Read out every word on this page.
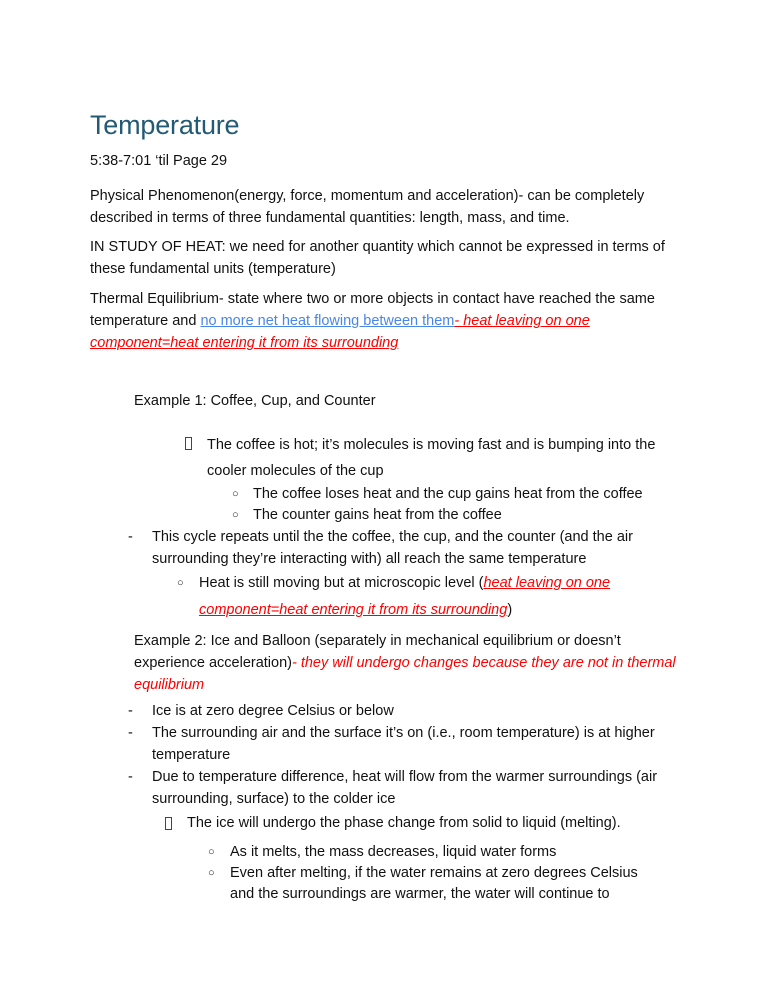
Temperature
5:38-7:01 ‘til Page 29

Physical Phenomenon(energy, force, momentum and acceleration)- can be completely described in terms of three fundamental quantities: length, mass, and time.

IN STUDY OF HEAT: we need for another quantity which cannot be expressed in terms of these fundamental units (temperature)

Thermal Equilibrium- state where two or more objects in contact have reached the same temperature and no more net heat flowing between them- heat leaving on one component=heat entering it from its surrounding

Example 1: Coffee, Cup, and Counter
The coffee is hot; it’s molecules is moving fast and is bumping into the cooler molecules of the cup
○ The coffee loses heat and the cup gains heat from the coffee
○ The counter gains heat from the coffee
-	This cycle repeats until the the coffee, the cup, and the counter (and the air surrounding they’re interacting with) all reach the same temperature
○	Heat is still moving but at microscopic level (heat leaving on one component=heat entering it from its surrounding)
Example 2: Ice and Balloon (separately in mechanical equilibrium or doesn’t experience acceleration)- they will undergo changes because they are not in thermal equilibrium
-	Ice is at zero degree Celsius or below
-	The surrounding air and the surface it’s on (i.e., room temperature) is at higher temperature
-	Due to temperature difference, heat will flow from the warmer surroundings (air surrounding, surface) to the colder ice
The ice will undergo the phase change from solid to liquid (melting).
○	As it melts, the mass decreases, liquid water forms
○	Even after melting, if the water remains at zero degrees Celsius and the surroundings are warmer, the water will continue to
